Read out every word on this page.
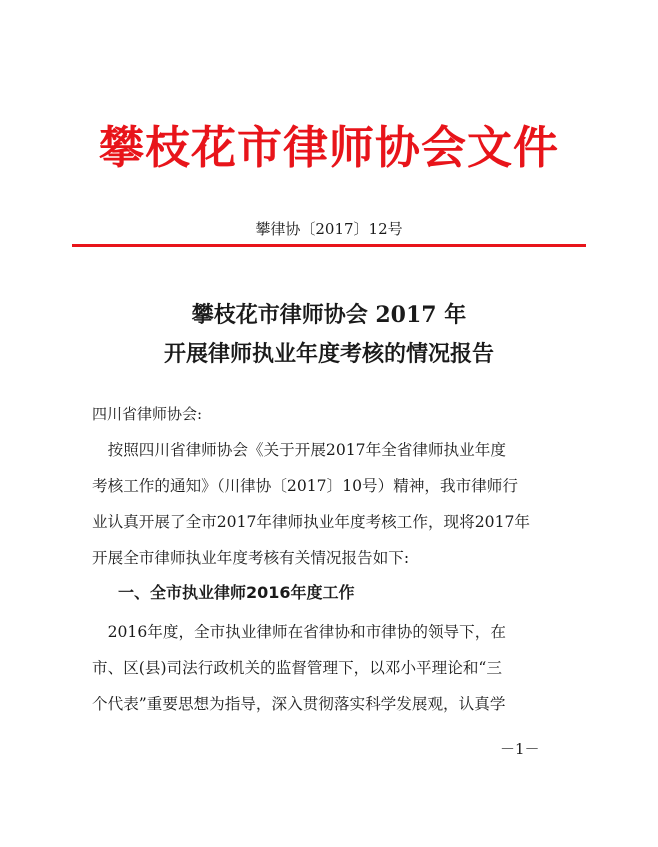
攀枝花市律师协会文件
攀律协〔2017〕12号
攀枝花市律师协会 2017 年
开展律师执业年度考核的情况报告
四川省律师协会:
　按照四川省律师协会《关于开展2017年全省律师执业年度
考核工作的通知》（川律协〔2017〕10号）精神，我市律师行
业认真开展了全市2017年律师执业年度考核工作，现将2017年
开展全市律师执业年度考核有关情况报告如下:
一、全市执业律师2016年度工作
　2016年度，全市执业律师在省律协和市律协的领导下，在
市、区(县)司法行政机关的监督管理下，以邓小平理论和“三
个代表”重要思想为指导，深入贯彻落实科学发展观，认真学
－1－
